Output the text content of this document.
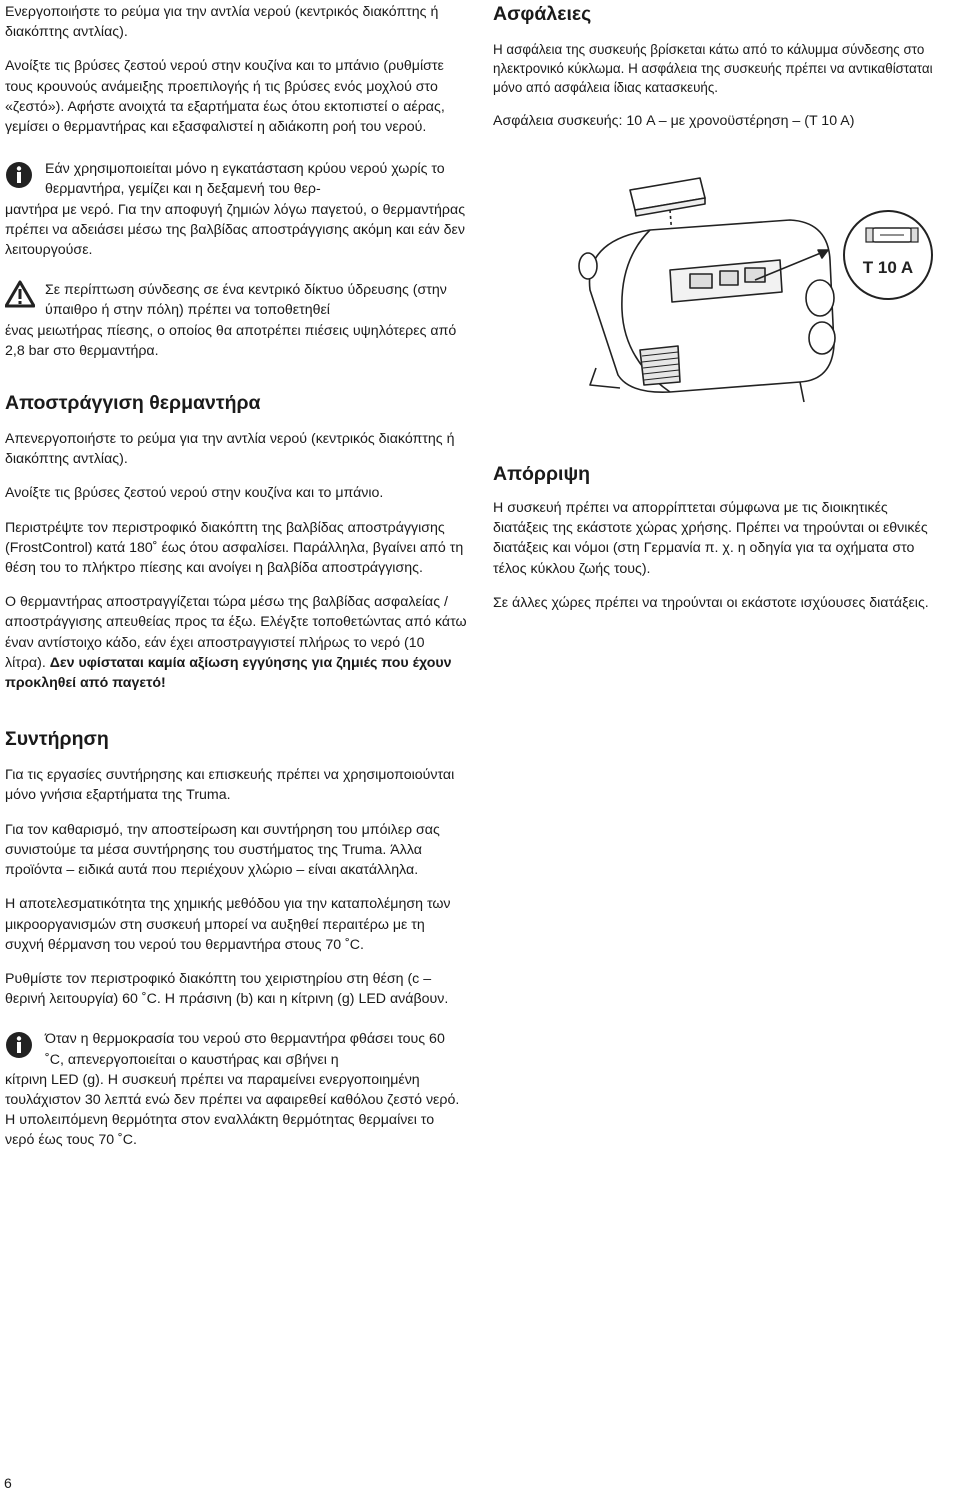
Ενεργοποιήστε το ρεύμα για την αντλία νερού (κεντρικός διακόπτης ή διακόπτης αντλίας).

Ανοίξτε τις βρύσες ζεστού νερού στην κουζίνα και το μπάνιο (ρυθμίστε τους κρουνούς ανάμειξης προεπιλογής ή τις βρύσες ενός μοχλού στο «ζεστό»). Αφήστε ανοιχτά τα εξαρτήματα έως ότου εκτοπιστεί ο αέρας, γεμίσει ο θερμαντήρας και εξασφαλιστεί η αδιάκοπη ροή του νερού.

Εάν χρησιμοποιείται μόνο η εγκατάσταση κρύου νερού χωρίς το θερμαντήρα, γεμίζει και η δεξαμενή του θερ-

μαντήρα με νερό. Για την αποφυγή ζημιών λόγω παγετού, ο θερμαντήρας πρέπει να αδειάσει μέσω της βαλβίδας αποστράγγισης ακόμη και εάν δεν λειτουργούσε.

Σε περίπτωση σύνδεσης σε ένα κεντρικό δίκτυο ύδρευσης (στην ύπαιθρο ή στην πόλη) πρέπει να τοποθετηθεί

ένας μειωτήρας πίεσης, ο οποίος θα αποτρέπει πιέσεις υψηλότερες από 2,8 bar στο θερμαντήρα.

Αποστράγγιση θερμαντήρα

Απενεργοποιήστε το ρεύμα για την αντλία νερού (κεντρικός διακόπτης ή διακόπτης αντλίας).

Ανοίξτε τις βρύσες ζεστού νερού στην κουζίνα και το μπάνιο.

Περιστρέψτε τον περιστροφικό διακόπτη της βαλβίδας αποστράγγισης (FrostControl) κατά 180˚ έως ότου ασφαλίσει. Παράλληλα, βγαίνει από τη θέση του το πλήκτρο πίεσης και ανοίγει η βαλβίδα αποστράγγισης.

Ο θερμαντήρας αποστραγγίζεται τώρα μέσω της βαλβίδας ασφαλείας / αποστράγγισης απευθείας προς τα έξω. Ελέγξτε τοποθετώντας από κάτω έναν αντίστοιχο κάδο, εάν έχει αποστραγγιστεί πλήρως το νερό (10 λίτρα). Δεν υφίσταται καμία αξίωση εγγύησης για ζημιές που έχουν προκληθεί από παγετό!

Συντήρηση

Για τις εργασίες συντήρησης και επισκευής πρέπει να χρησιμοποιούνται μόνο γνήσια εξαρτήματα της Truma.

Για τον καθαρισμό, την αποστείρωση και συντήρηση του μπόιλερ σας συνιστούμε τα μέσα συντήρησης του συστήματος της Truma. Άλλα προϊόντα – ειδικά αυτά που περιέχουν χλώριο – είναι ακατάλληλα.

Η αποτελεσματικότητα της χημικής μεθόδου για την καταπολέμηση των μικροοργανισμών στη συσκευή μπορεί να αυξηθεί περαιτέρω με τη συχνή θέρμανση του νερού του θερμαντήρα στους 70 ˚C.

Ρυθμίστε τον περιστροφικό διακόπτη του χειριστηρίου στη θέση (c – θερινή λειτουργία) 60 ˚C. Η πράσινη (b) και η κίτρινη (g) LED ανάβουν.

Όταν η θερμοκρασία του νερού στο θερμαντήρα φθάσει τους 60 ˚C, απενεργοποιείται ο καυστήρας και σβήνει η

κίτρινη LED (g). Η συσκευή πρέπει να παραμείνει ενεργοποιημένη τουλάχιστον 30 λεπτά ενώ δεν πρέπει να αφαιρεθεί καθόλου ζεστό νερό. Η υπολειπόμενη θερμότητα στον εναλλάκτη θερμότητας θερμαίνει το νερό έως τους 70 ˚C.

Ασφάλειες

Η ασφάλεια της συσκευής βρίσκεται κάτω από το κάλυμμα σύνδεσης στο ηλεκτρονικό κύκλωμα. Η ασφάλεια της συσκευής πρέπει να αντικαθίσταται μόνο από ασφάλεια ίδιας κατασκευής.

Ασφάλεια συσκευής: 10 A – με χρονοϋστέρηση – (T 10 A)

Απόρριψη

Η συσκευή πρέπει να απορρίπτεται σύμφωνα με τις διοικητικές διατάξεις της εκάστοτε χώρας χρήσης. Πρέπει να τηρούνται οι εθνικές διατάξεις και νόμοι (στη Γερμανία π. χ. η οδηγία για τα οχήματα στο τέλος κύκλου ζωής τους).

Σε άλλες χώρες πρέπει να τηρούνται οι εκάστοτε ισχύουσες διατάξεις.

T 10 A
6
